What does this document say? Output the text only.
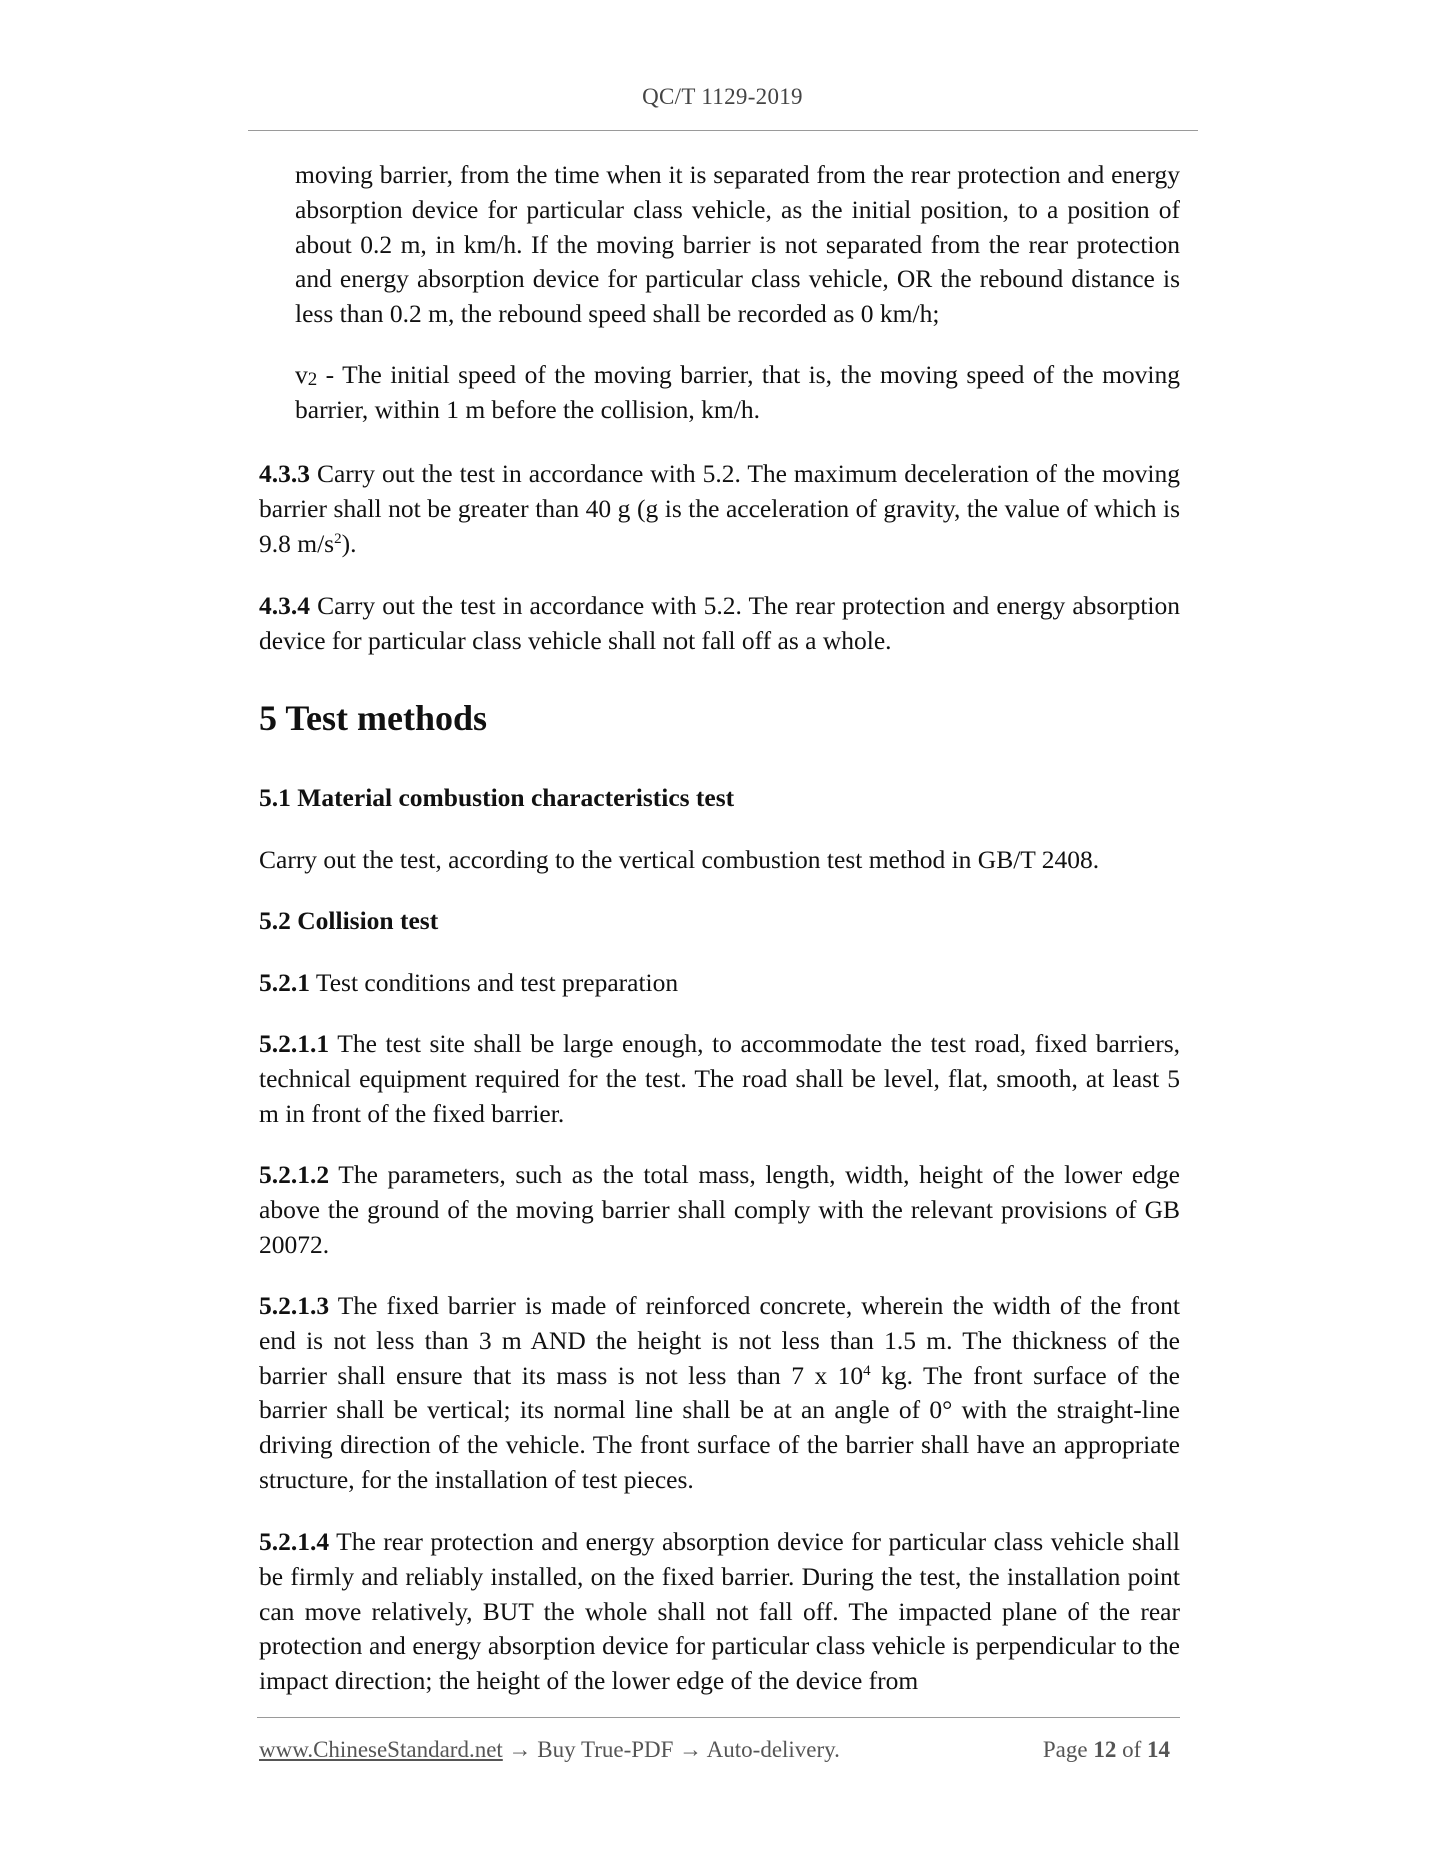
QC/T 1129-2019

moving barrier, from the time when it is separated from the rear protection and energy absorption device for particular class vehicle, as the initial position, to a position of about 0.2 m, in km/h. If the moving barrier is not separated from the rear protection and energy absorption device for particular class vehicle, OR the rebound distance is less than 0.2 m, the rebound speed shall be recorded as 0 km/h;

$v_2$ - The initial speed of the moving barrier, that is, the moving speed of the moving barrier, within 1 m before the collision, km/h.

4.3.3 Carry out the test in accordance with 5.2. The maximum deceleration of the moving barrier shall not be greater than 40 g (g is the acceleration of gravity, the value of which is 9.8 $m/s^2$).

4.3.4 Carry out the test in accordance with 5.2. The rear protection and energy absorption device for particular class vehicle shall not fall off as a whole.

5 Test methods
5.1 Material combustion characteristics test

Carry out the test, according to the vertical combustion test method in GB/T 2408.

5.2 Collision test

5.2.1 Test conditions and test preparation

5.2.1.1 The test site shall be large enough, to accommodate the test road, fixed barriers, technical equipment required for the test. The road shall be level, flat, smooth, at least 5 m in front of the fixed barrier.

5.2.1.2 The parameters, such as the total mass, length, width, height of the lower edge above the ground of the moving barrier shall comply with the relevant provisions of GB 20072.

5.2.1.3 The fixed barrier is made of reinforced concrete, wherein the width of the front end is not less than 3 m AND the height is not less than 1.5 m. The thickness of the barrier shall ensure that its mass is not less than 7 x $10^4$ kg. The front surface of the barrier shall be vertical; its normal line shall be at an angle of 0° with the straight-line driving direction of the vehicle. The front surface of the barrier shall have an appropriate structure, for the installation of test pieces.

5.2.1.4 The rear protection and energy absorption device for particular class vehicle shall be firmly and reliably installed, on the fixed barrier. During the test, the installation point can move relatively, BUT the whole shall not fall off. The impacted plane of the rear protection and energy absorption device for particular class vehicle is perpendicular to the impact direction; the height of the lower edge of the device from

www.ChineseStandard.net → Buy True-PDF → Auto-delivery.	Page 12 of 14
